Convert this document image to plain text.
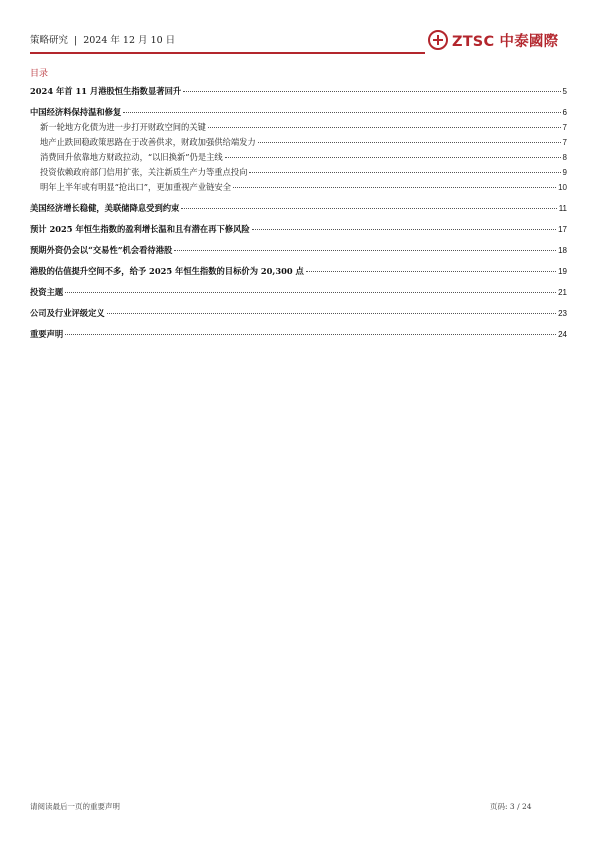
策略研究 | 2024 年 12 月 10 日	ZTSC 中泰國際
目录
2024 年首 11 月港股恒生指数显著回升	5
中国经济料保持温和修复	6
新一轮地方化债为进一步打开财政空间的关键	7
地产止跌回稳政策思路在于改善供求，财政加强供给端发力	7
消费回升依靠地方财政拉动，“以旧换新”仍是主线	8
投资依赖政府部门信用扩张，关注新质生产力等重点投向	9
明年上半年或有明显“抢出口”，更加重视产业链安全	10
美国经济增长稳健，美联储降息受到约束	11
预计 2025 年恒生指数的盈利增长温和且有潜在再下修风险	17
预期外资仍会以“交易性”机会看待港股	18
港股的估值提升空间不多，给予 2025 年恒生指数的目标价为 20,300 点	19
投资主题	21
公司及行业评级定义	23
重要声明	24
请阅读最后一页的重要声明	页码: 3 / 24
